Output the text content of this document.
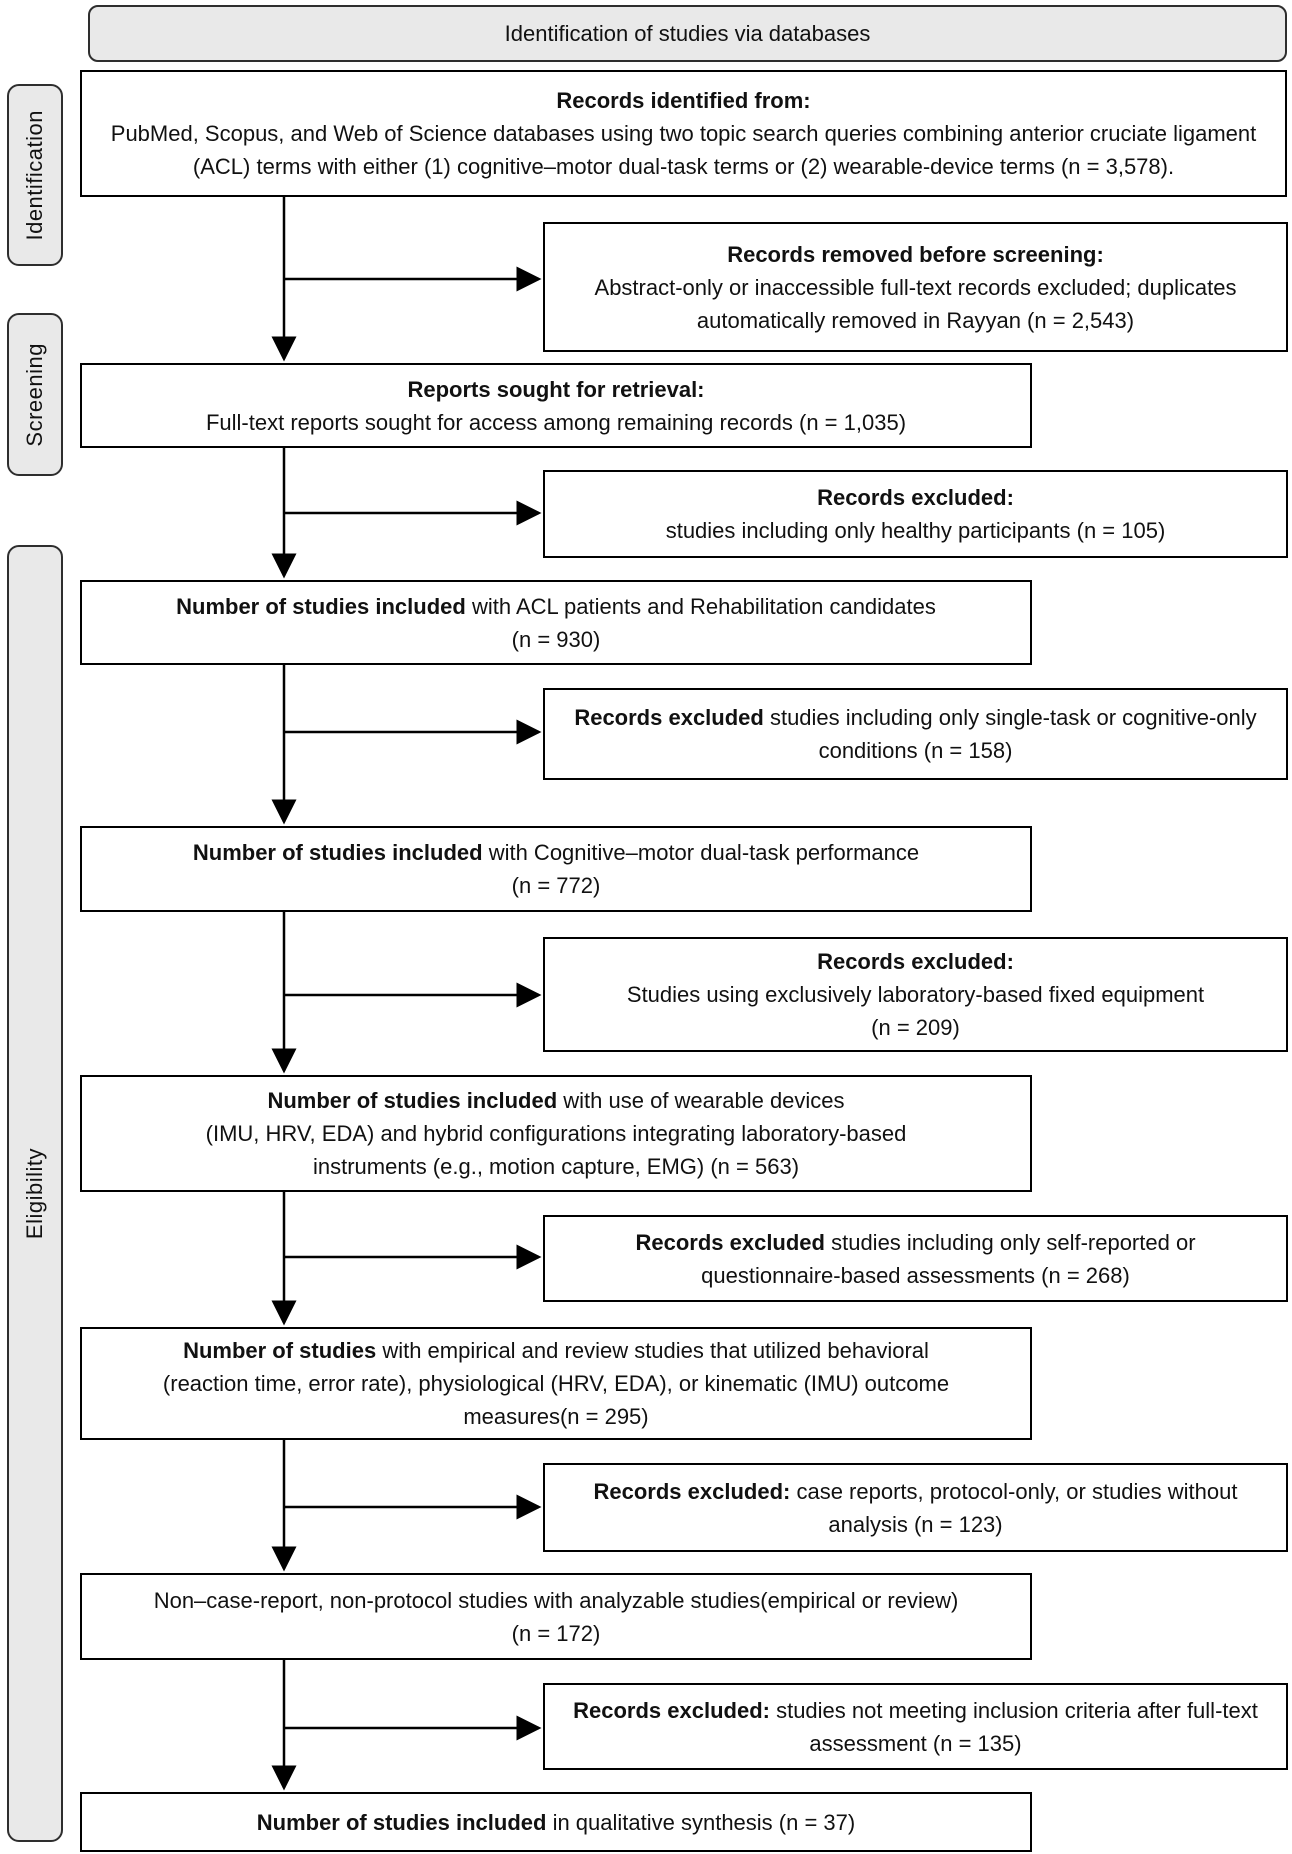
Identification of studies via databases
Identification
Screening
Eligibility
Records identified from:
PubMed, Scopus, and Web of Science databases using two topic search queries combining anterior cruciate ligament (ACL) terms with either (1) cognitive–motor dual-task terms or (2) wearable-device terms (n = 3,578).
Reports sought for retrieval:
Full-text reports sought for access among remaining records (n = 1,035)
Number of studies included with ACL patients and Rehabilitation candidates
(n = 930)
Number of studies included with Cognitive–motor dual-task performance
(n = 772)
Number of studies included with use of wearable devices
(IMU, HRV, EDA) and hybrid configurations integrating laboratory-based
instruments (e.g., motion capture, EMG) (n = 563)
Number of studies with empirical and review studies that utilized behavioral
(reaction time, error rate), physiological (HRV, EDA), or kinematic (IMU) outcome
measures(n = 295)
Non–case-report, non-protocol studies with analyzable studies(empirical or review)
(n = 172)
Number of studies included in qualitative synthesis (n = 37)
Records removed before screening:
Abstract-only or inaccessible full-text records excluded; duplicates automatically removed in Rayyan (n = 2,543)
Records excluded:
studies including only healthy participants (n = 105)
Records excluded studies including only single-task or cognitive-only conditions (n = 158)
Records excluded:
Studies using exclusively laboratory-based fixed equipment
(n = 209)
Records excluded studies including only self-reported or questionnaire-based assessments (n = 268)
Records excluded: case reports, protocol-only, or studies without analysis (n = 123)
Records excluded: studies not meeting inclusion criteria after full-text assessment (n = 135)
